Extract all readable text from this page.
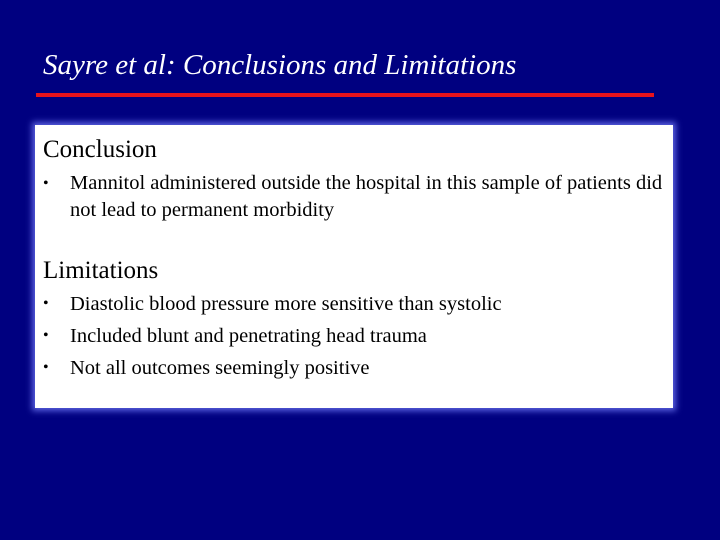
Sayre et al: Conclusions and Limitations
Conclusion
• Mannitol administered outside the hospital in this sample of patients did not lead to permanent morbidity
Limitations
• Diastolic blood pressure more sensitive than systolic
• Included blunt and penetrating head trauma
• Not all outcomes seemingly positive
